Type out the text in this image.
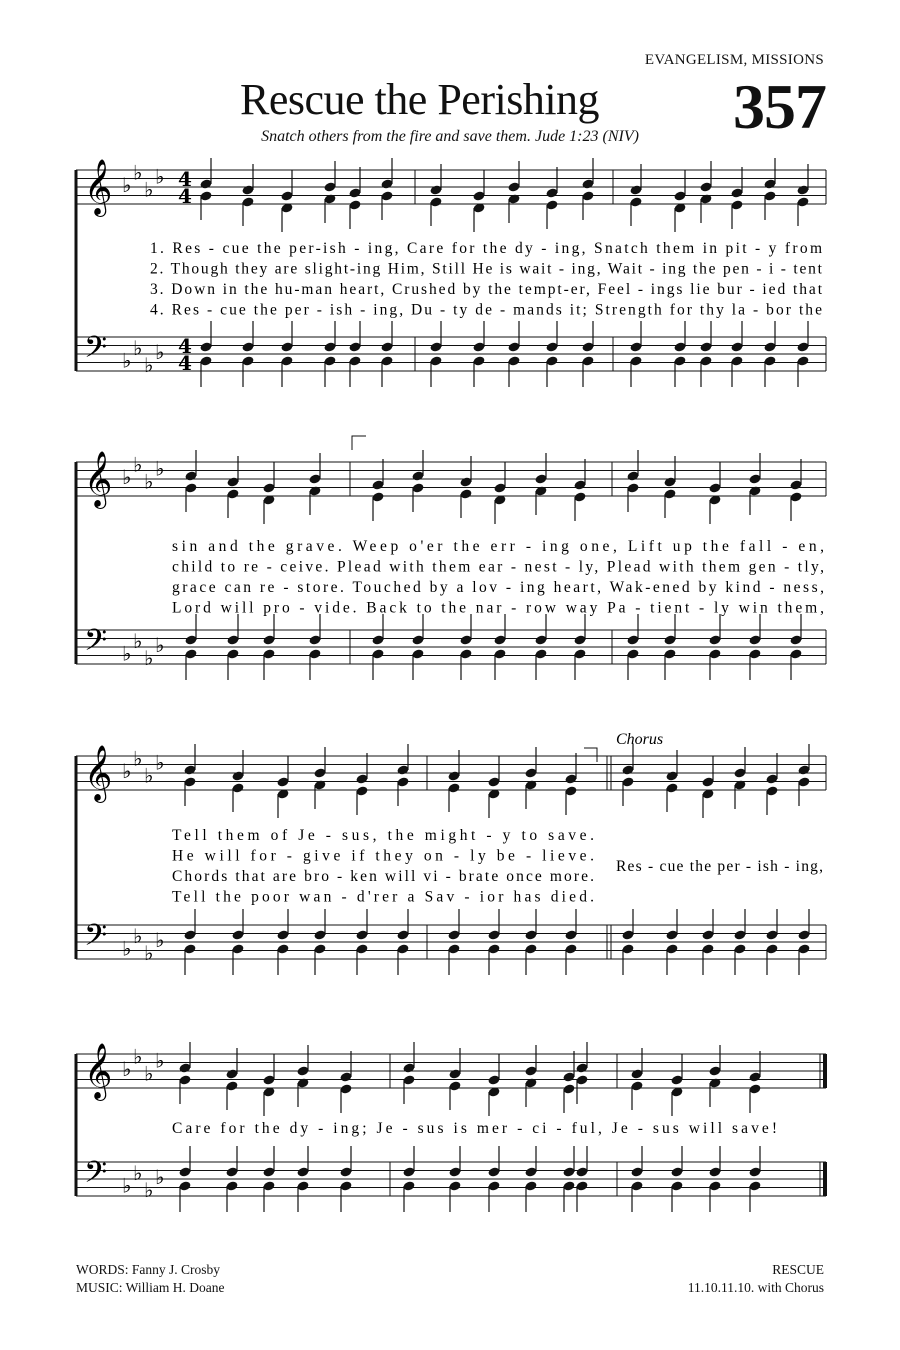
EVANGELISM, MISSIONS
Rescue the Perishing 357
Snatch others from the fire and save them. Jude 1:23 (NIV)
𝄞
𝄢
♭
♭
♭
♭
♭
♭
♭
♭
4
4
4
4
1. Res - cue the per-ish - ing, Care for the dy - ing, Snatch them in pit - y from
2. Though they are slight-ing Him, Still He is wait - ing, Wait - ing the pen - i - tent
3. Down in the hu-man heart, Crushed by the tempt-er, Feel - ings lie bur - ied that
4. Res - cue the per - ish - ing, Du - ty de - mands it; Strength for thy la - bor the
𝄞
𝄢
♭
♭
♭
♭
♭
♭
♭
♭
sin and the grave. Weep o'er the err - ing one, Lift up the fall - en,
child to re - ceive. Plead with them ear - nest - ly, Plead with them gen - tly,
grace can re - store. Touched by a lov - ing heart, Wak-ened by kind - ness,
Lord will pro - vide. Back to the nar - row way Pa - tient - ly win them,
𝄞
𝄢
♭
♭
♭
♭
♭
♭
♭
♭
Tell them of Je - sus, the might - y to save.
He will for - give if they on - ly be - lieve.
Chords that are bro - ken will vi - brate once more.
Tell the poor wan - d'rer a Sav - ior has died.
Chorus
Res - cue the per - ish - ing,
𝄞
𝄢
♭
♭
♭
♭
♭
♭
♭
♭
Care for the dy - ing; Je - sus is mer - ci - ful, Je - sus will save!
WORDS: Fanny J. Crosby
MUSIC: William H. Doane
RESCUE
11.10.11.10. with Chorus
